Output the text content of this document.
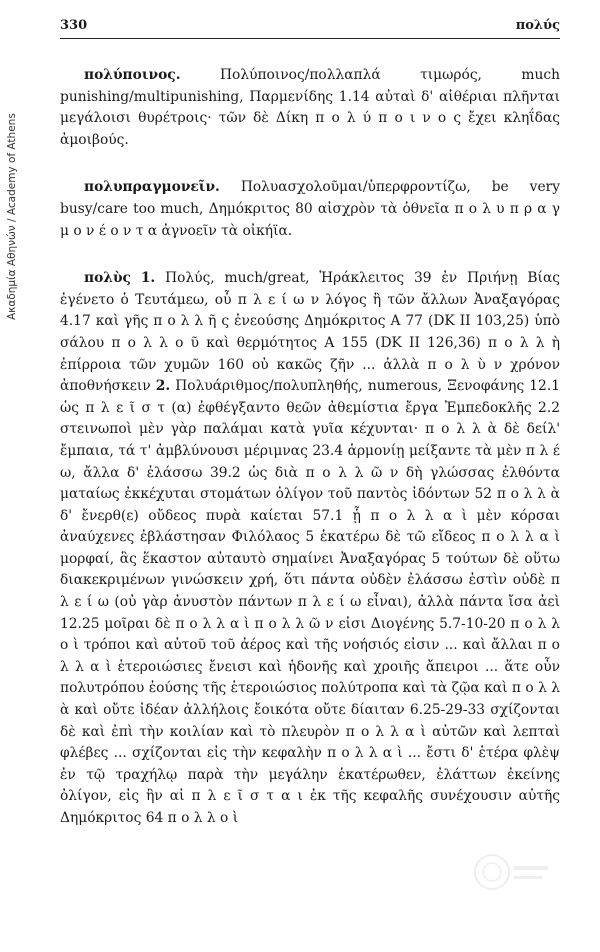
Ακαδημία Αθηνών / Academy of Athens
330	πολύς

πολύποινος.	Πολύποινος/πολλαπλά τιμωρός, much punishing/multipunishing, Παρμενίδης 1.14 αὐταὶ δ' αἰθέριαι πλῆνται μεγάλοισι θυρέτροις· τῶν δὲ Δίκη π ο λ ύ π ο ι ν ο ς ἔχει κληΐδας ἀμοιβούς.

πολυπραγμονεῖν. Πολυασχολοῦμαι/ὑπερφροντίζω, be very busy/care too much, Δημόκριτος 80 αἰσχρὸν τὰ ὀθνεῖα π ο λ υ π ρ α γ μ ο ν έ ο ν τ α ἀγνοεῖν τὰ οἰκήϊα.

πολὺς 1. Πολύς, much/great, Ἡράκλειτος 39 ἐν Πριήνῃ Βίας ἐγένετο ὁ Τευτάμεω, οὗ π λ ε ί ω ν λόγος ἢ τῶν ἄλλων Ἀναξαγόρας 4.17 καὶ γῆς π ο λ λ ῆ ς ἐνεούσης Δημόκριτος Α 77 (DK II 103,25) ὑπὸ σάλου π ο λ λ ο ῦ καὶ θερμότητος Α 155 (DK II 126,36) π ο λ λ ὴ ἐπίρροια τῶν χυμῶν 160 οὐ κακῶς ζῆν ... ἀλλὰ π ο λ ὺ ν χρόνον ἀποθνήσκειν 2. Πολυάριθμος/πολυπληθής, numerous, Ξενοφάνης 12.1 ὡς π λ ε ῖ σ τ (α) ἐφθέγξαντο θεῶν ἀθεμίστια ἔργα Ἐμπεδοκλῆς 2.2 στεινωποὶ μὲν γὰρ παλάμαι κατὰ γυῖα κέχυνται· π ο λ λ ὰ δὲ δείλ' ἔμπαια, τά τ' ἀμβλύνουσι μέριμνας 23.4 ἁρμονίῃ μείξαντε τὰ μὲν π λ έ ω, ἄλλα δ' ἐλάσσω 39.2 ὡς διὰ π ο λ λ ῶ ν δὴ γλώσσας ἐλθόντα ματαίως ἐκκέχυται στομάτων ὀλίγον τοῦ παντὸς ἰδόντων 52 π ο λ λ ὰ δ' ἔνερθ(ε) οὔδεος πυρὰ καίεται 57.1 ᾗ π ο λ λ α ὶ μὲν κόρσαι ἀναύχενες ἐβλάστησαν Φιλόλαος 5 ἑκατέρω δὲ τῶ εἴδεος π ο λ λ α ὶ μορφαί, ἃς ἕκαστον αὐταυτὸ σημαίνει Ἀναξαγόρας 5 τούτων δὲ οὕτω διακεκριμένων γινώσκειν χρή, ὅτι πάντα οὐδὲν ἐλάσσω ἐστὶν οὐδὲ π λ ε ί ω (οὐ γὰρ ἀνυστὸν πάντων π λ ε ί ω εἶναι), ἀλλὰ πάντα ἴσα ἀεὶ 12.25 μοῖραι δὲ π ο λ λ α ὶ π ο λ λ ῶ ν εἰσι Διογένης 5.7-10-20 π ο λ λ ο ὶ τρόποι καὶ αὐτοῦ τοῦ ἀέρος καὶ τῆς νοήσιός εἰσιν ... καὶ ἄλλαι π ο λ λ α ὶ ἑτεροιώσιες ἔνεισι καὶ ἡδονῆς καὶ χροιῆς ἄπειροι ... ἅτε οὖν πολυτρόπου ἐούσης τῆς ἑτεροιώσιος πολύτροπα καὶ τὰ ζῷα καὶ π ο λ λ ὰ καὶ οὔτε ἰδέαν ἀλλήλοις ἔοικότα οὔτε δίαιταν 6.25-29-33 σχίζονται δὲ καὶ ἐπὶ τὴν κοιλίαν καὶ τὸ πλευρὸν π ο λ λ α ὶ αὐτῶν καὶ λεπταὶ φλέβες ... σχίζονται εἰς τὴν κεφαλὴν π ο λ λ α ὶ ... ἔστι δ' ἑτέρα φλὲψ ἐν τῷ τραχήλῳ παρὰ τὴν μεγάλην ἑκατέρωθεν, ἐλάττων ἐκείνης ὀλίγον, εἰς ἣν αἱ π λ ε ῖ σ τ α ι ἐκ τῆς κεφαλῆς συνέχουσιν αὐτῆς Δημόκριτος 64 π ο λ λ ο ὶ
